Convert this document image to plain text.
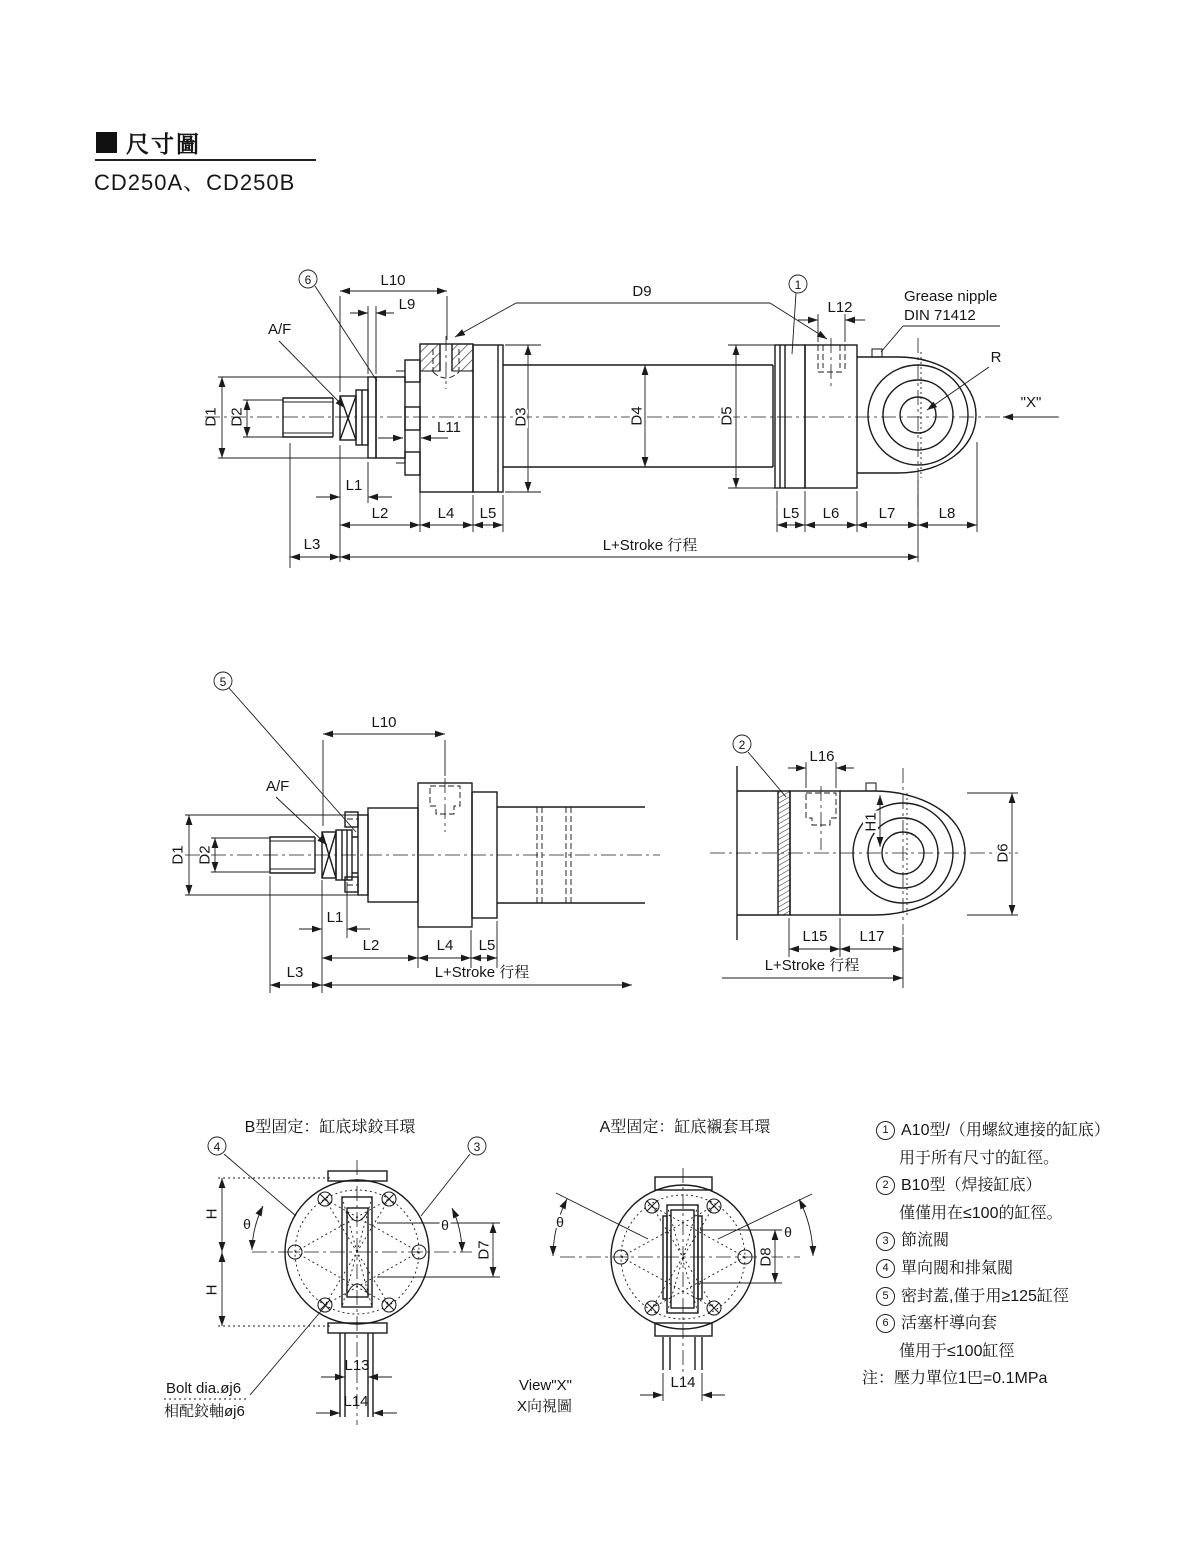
尺寸圖
CD250A、CD250B
6	1
L10
L9
A/F
D1 D2
L11
D9
L12
Grease nipple
DIN 71412
R
"X"
D3	D4	D5
L1
L2	L4 L5	L5 L6	L7	L8
L3	L+Stroke 行程
5
L10
A/F
D1 D2
L1
L2	L4 L5
L3	L+Stroke 行程
2
L16
H1
D6
L15 L17
L+Stroke 行程
B型固定：缸底球鉸耳環
4	3
H
H
θ	θ
D7
L13
L14
Bolt dia.øj6
相配鉸軸øj6
A型固定：缸底襯套耳環
θ
θ
D8
L14
View"X"
X向視圖
1 A10型/（用螺紋連接的缸底）
用于所有尺寸的缸徑。
2 B10型（焊接缸底）
僅僅用在≤100的缸徑。
3 節流閥
4 單向閥和排氣閥
5 密封蓋,僅于用≥125缸徑
6 活塞杆導向套
僅用于≤100缸徑
注： 壓力單位1巴=0.1MPa
